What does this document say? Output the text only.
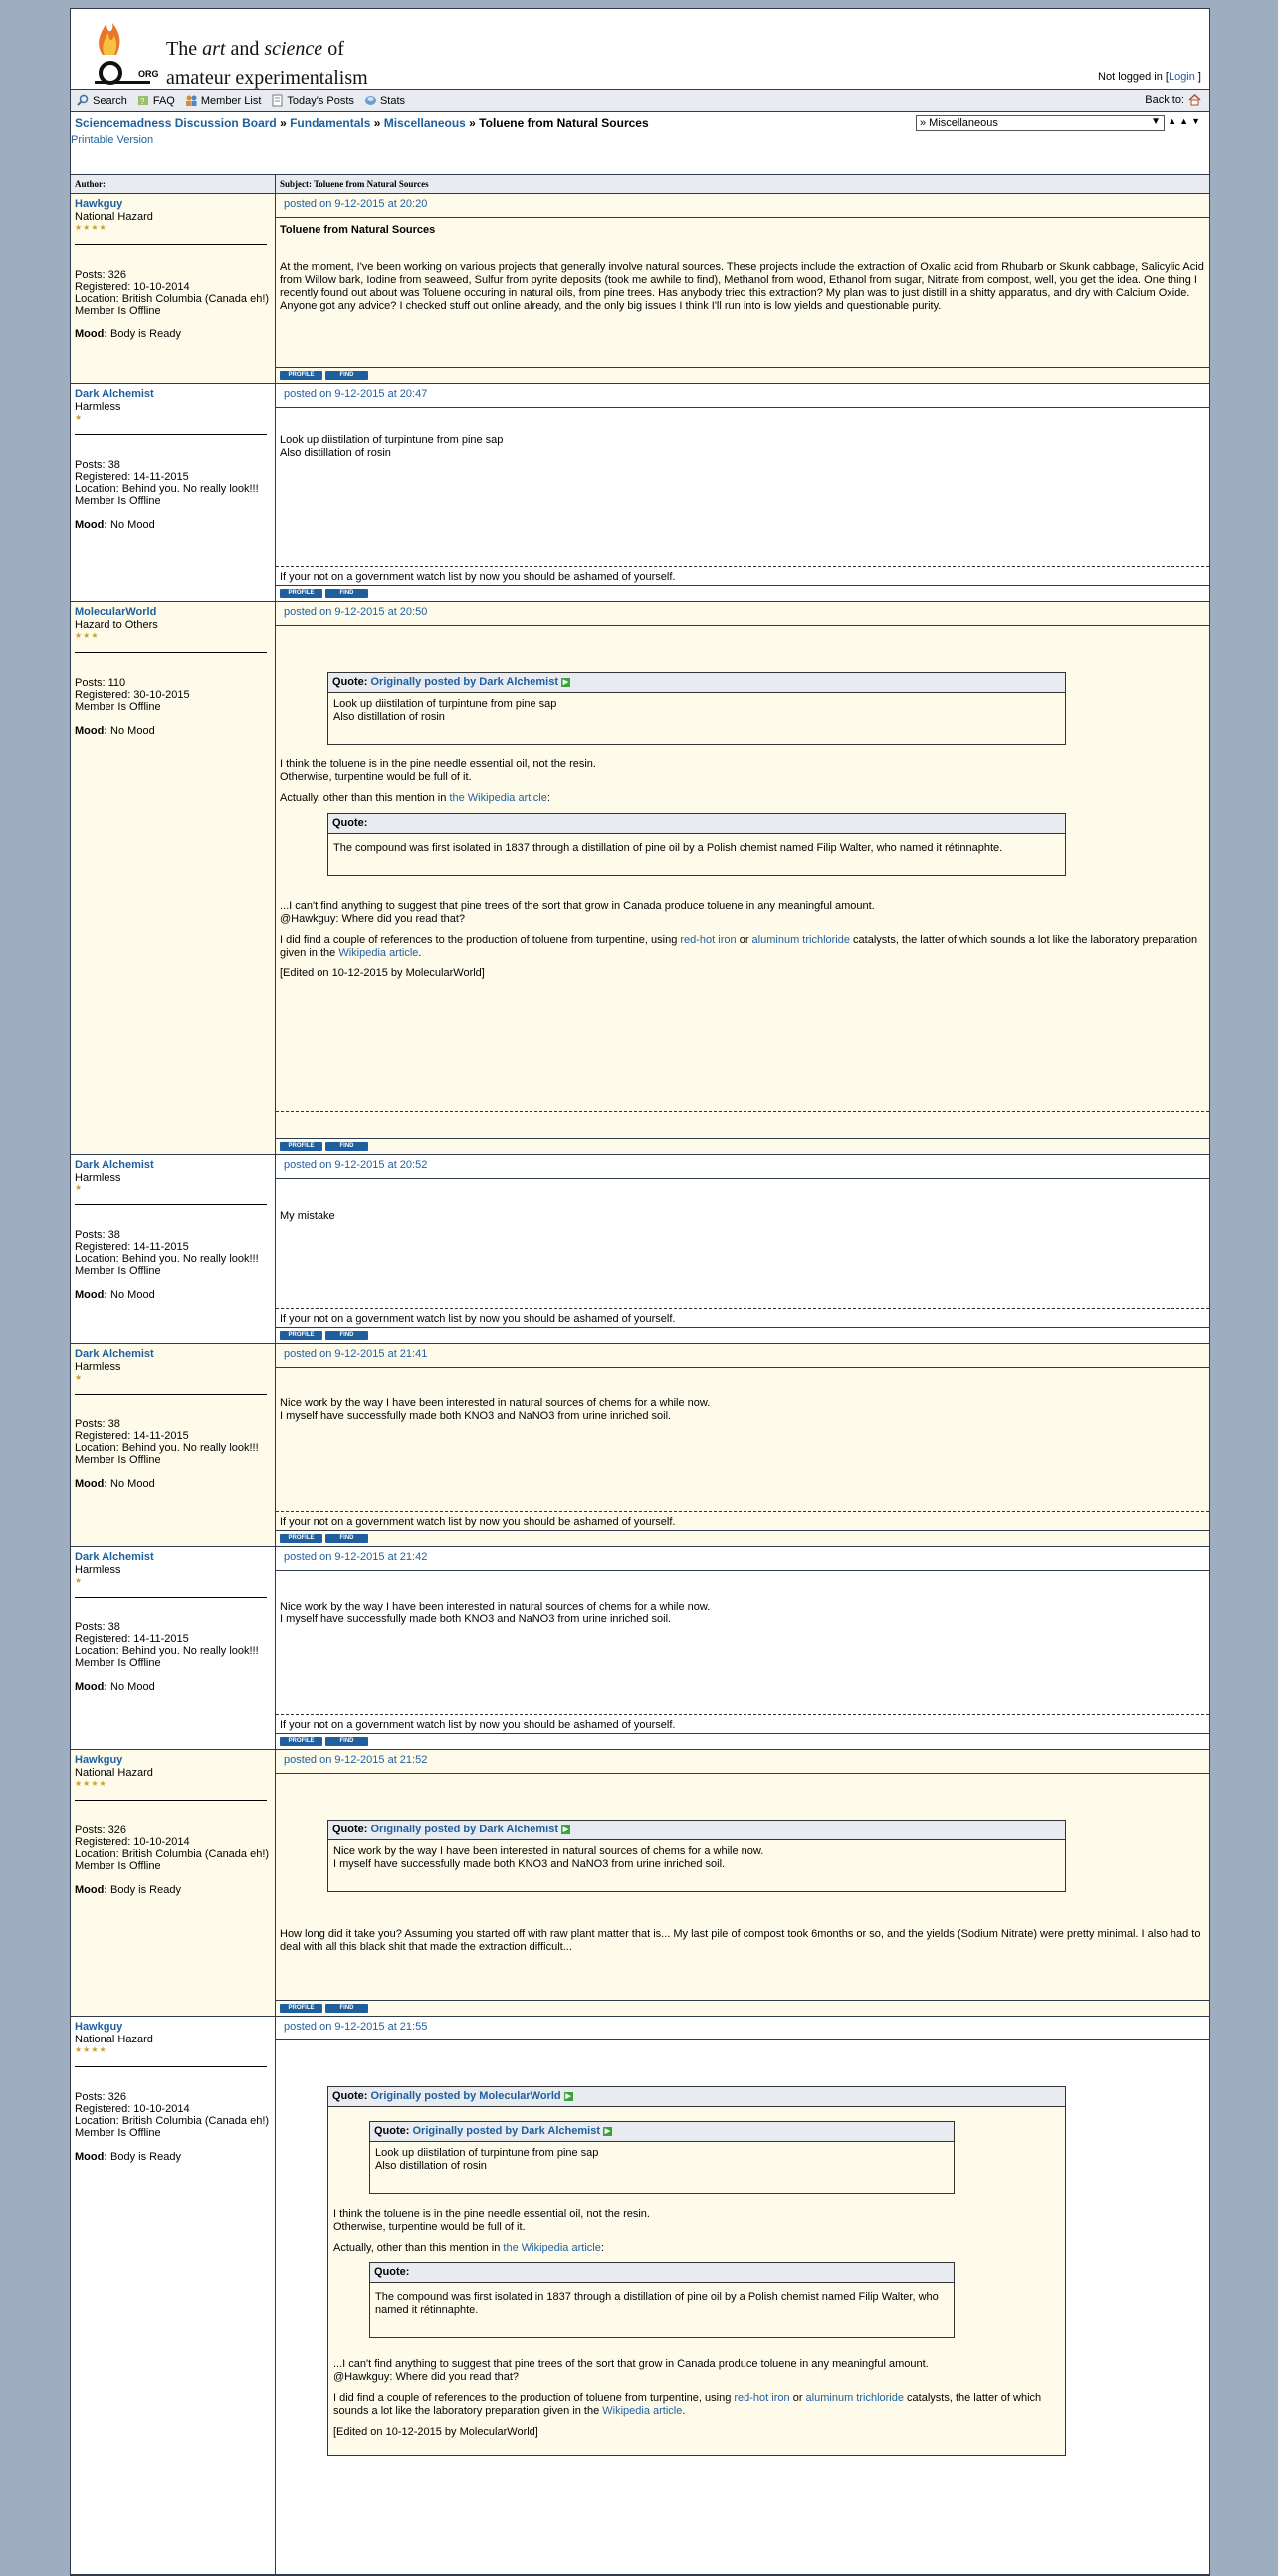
ORG
The art and science of
amateur experimentalism	Not logged in [Login ]
Search ? FAQ Member List Today's Posts Stats	Back to:
Sciencemadness Discussion Board » Fundamentals » Miscellaneous » Toluene from Natural Sources	» Miscellaneous	▼ ▲▲▼
Printable Version
Author:	Subject: Toluene from Natural Sources
Hawkguy
National Hazard
★★★★
Posts: 326
Registered: 10-10-2014
Location: British Columbia (Canada eh!)
Member Is Offline
Mood: Body is Ready
posted on 9-12-2015 at 20:20

Toluene from Natural Sources

At the moment, I've been working on various projects that generally involve natural sources. These projects include the extraction of Oxalic acid from Rhubarb or Skunk cabbage, Salicylic Acid from Willow bark, Iodine from seaweed, Sulfur from pyrite deposits (took me awhile to find), Methanol from wood, Ethanol from sugar, Nitrate from compost, well, you get the idea. One thing I recently found out about was Toluene occuring in natural oils, from pine trees. Has anybody tried this extraction? My plan was to just distill in a shitty apparatus, and dry with Calcium Oxide. Anyone got any advice? I checked stuff out online already, and the only big issues I think I'll run into is low yields and questionable purity.

PROFILE	FIND
Dark Alchemist
Harmless
★
Posts: 38
Registered: 14-11-2015
Location: Behind you. No really look!!!
Member Is Offline
Mood: No Mood
posted on 9-12-2015 at 20:47
Look up diistilation of turpintune from pine sap
Also distillation of rosin
If your not on a government watch list by now you should be ashamed of yourself.
PROFILE	FIND
MolecularWorld
Hazard to Others
★★★
Posts: 110
Registered: 30-10-2015
Member Is Offline
Mood: No Mood
posted on 9-12-2015 at 20:50
Quote: Originally posted by Dark Alchemist ▶
Look up diistilation of turpintune from pine sap
Also distillation of rosin

I think the toluene is in the pine needle essential oil, not the resin.
Otherwise, turpentine would be full of it.

Actually, other than this mention in the Wikipedia article:

Quote:
The compound was first isolated in 1837 through a distillation of pine oil by a Polish chemist named Filip Walter, who named it rétinnaphte.

...I can't find anything to suggest that pine trees of the sort that grow in Canada produce toluene in any meaningful amount.
@Hawkguy: Where did you read that?

I did find a couple of references to the production of toluene from turpentine, using red-hot iron or aluminum trichloride catalysts, the latter of which sounds a lot like the laboratory preparation given in the Wikipedia article.

[Edited on 10-12-2015 by MolecularWorld]

PROFILE	FIND
Dark Alchemist
Harmless
★
Posts: 38
Registered: 14-11-2015
Location: Behind you. No really look!!!
Member Is Offline
Mood: No Mood
posted on 9-12-2015 at 20:52
My mistake
If your not on a government watch list by now you should be ashamed of yourself.
PROFILE	FIND
Dark Alchemist
Harmless
★
Posts: 38
Registered: 14-11-2015
Location: Behind you. No really look!!!
Member Is Offline
Mood: No Mood
posted on 9-12-2015 at 21:41
Nice work by the way I have been interested in natural sources of chems for a while now.
I myself have successfully made both KNO3 and NaNO3 from urine inriched soil.
If your not on a government watch list by now you should be ashamed of yourself.
PROFILE	FIND
Dark Alchemist
Harmless
★
Posts: 38
Registered: 14-11-2015
Location: Behind you. No really look!!!
Member Is Offline
Mood: No Mood
posted on 9-12-2015 at 21:42
Nice work by the way I have been interested in natural sources of chems for a while now.
I myself have successfully made both KNO3 and NaNO3 from urine inriched soil.
If your not on a government watch list by now you should be ashamed of yourself.
PROFILE	FIND
Hawkguy
National Hazard
★★★★
Posts: 326
Registered: 10-10-2014
Location: British Columbia (Canada eh!)
Member Is Offline
Mood: Body is Ready
posted on 9-12-2015 at 21:52
Quote: Originally posted by Dark Alchemist ▶
Nice work by the way I have been interested in natural sources of chems for a while now.
I myself have successfully made both KNO3 and NaNO3 from urine inriched soil.

How long did it take you? Assuming you started off with raw plant matter that is... My last pile of compost took 6months or so, and the yields (Sodium Nitrate) were pretty minimal. I also had to deal with all this black shit that made the extraction difficult...

PROFILE	FIND
Hawkguy
National Hazard
★★★★
Posts: 326
Registered: 10-10-2014
Location: British Columbia (Canada eh!)
Member Is Offline
Mood: Body is Ready
posted on 9-12-2015 at 21:55
Quote: Originally posted by MolecularWorld ▶
Quote: Originally posted by Dark Alchemist ▶
Look up diistilation of turpintune from pine sap
Also distillation of rosin

I think the toluene is in the pine needle essential oil, not the resin.
Otherwise, turpentine would be full of it.

Actually, other than this mention in the Wikipedia article:

Quote:
The compound was first isolated in 1837 through a distillation of pine oil by a Polish chemist named Filip Walter, who named it rétinnaphte.

...I can't find anything to suggest that pine trees of the sort that grow in Canada produce toluene in any meaningful amount.
@Hawkguy: Where did you read that?

I did find a couple of references to the production of toluene from turpentine, using red-hot iron or aluminum trichloride catalysts, the latter of which sounds a lot like the laboratory preparation given in the Wikipedia article.

[Edited on 10-12-2015 by MolecularWorld]
